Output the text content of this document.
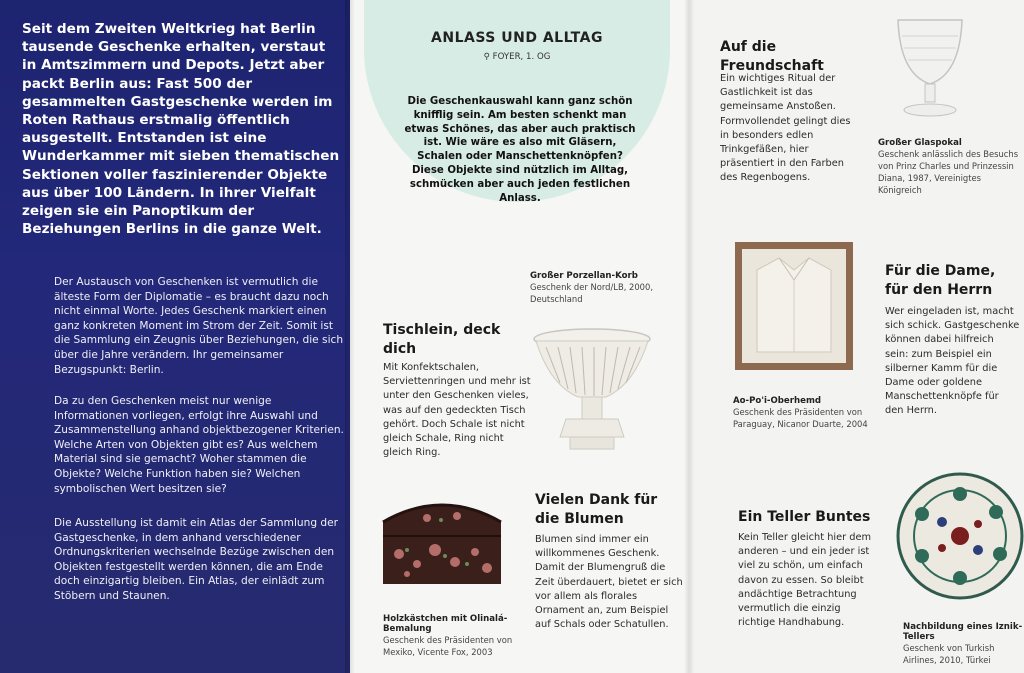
Seit dem Zweiten Weltkrieg hat Berlin tausende Geschenke erhalten, verstaut in Amtszimmern und Depots. Jetzt aber packt Berlin aus: Fast 500 der gesammelten Gastgeschenke werden im Roten Rathaus erstmalig öffentlich ausgestellt. Entstanden ist eine Wunderkammer mit sieben thematischen Sektionen voller faszinierender Objekte aus über 100 Ländern. In ihrer Vielfalt zeigen sie ein Panoptikum der Beziehungen Berlins in die ganze Welt.
Der Austausch von Geschenken ist vermutlich die älteste Form der Diplomatie – es braucht dazu noch nicht einmal Worte. Jedes Geschenk markiert einen ganz konkreten Moment im Strom der Zeit. Somit ist die Sammlung ein Zeugnis über Beziehungen, die sich über die Jahre verändern. Ihr gemeinsamer Bezugspunkt: Berlin.
Da zu den Geschenken meist nur wenige Informationen vorliegen, erfolgt ihre Auswahl und Zusammenstellung anhand objektbezogener Kriterien. Welche Arten von Objekten gibt es? Aus welchem Material sind sie gemacht? Woher stammen die Objekte? Welche Funktion haben sie? Welchen symbolischen Wert besitzen sie?
Die Ausstellung ist damit ein Atlas der Sammlung der Gastgeschenke, in dem anhand verschiedener Ordnungskriterien wechselnde Bezüge zwischen den Objekten festgestellt werden können, die am Ende doch einzigartig bleiben. Ein Atlas, der einlädt zum Stöbern und Staunen.
ANLASS UND ALLTAG
⚲ FOYER, 1. OG
Die Geschenkauswahl kann ganz schön knifflig sein. Am besten schenkt man etwas Schönes, das aber auch praktisch ist. Wie wäre es also mit Gläsern, Schalen oder Manschettenknöpfen? Diese Objekte sind nützlich im Alltag, schmücken aber auch jeden festlichen Anlass.
Großer Porzellan-Korb
Geschenk der Nord/LB, 2000, Deutschland
Tischlein, deck dich
Mit Konfektschalen, Serviettenringen und mehr ist unter den Geschenken vieles, was auf den gedeckten Tisch gehört. Doch Schale ist nicht gleich Schale, Ring nicht gleich Ring.
Holzkästchen mit Olinalá-Bemalung
Geschenk des Präsidenten von Mexiko, Vicente Fox, 2003
Vielen Dank für die Blumen
Blumen sind immer ein willkommenes Geschenk. Damit der Blumengruß die Zeit überdauert, bietet er sich vor allem als florales Ornament an, zum Beispiel auf Schals oder Schatullen.
Auf die Freundschaft
Ein wichtiges Ritual der Gastlichkeit ist das gemeinsame Anstoßen. Formvollendet gelingt dies in besonders edlen Trinkgefäßen, hier präsentiert in den Farben des Regenbogens.
Großer Glaspokal
Geschenk anlässlich des Besuchs von Prinz Charles und Prinzessin Diana, 1987, Vereinigtes Königreich
Ao-Po'i-Oberhemd
Geschenk des Präsidenten von Paraguay, Nicanor Duarte, 2004
Für die Dame, für den Herrn
Wer eingeladen ist, macht sich schick. Gastgeschenke können dabei hilfreich sein: zum Beispiel ein silberner Kamm für die Dame oder goldene Manschettenknöpfe für den Herrn.
Ein Teller Buntes
Kein Teller gleicht hier dem anderen – und ein jeder ist viel zu schön, um einfach davon zu essen. So bleibt andächtige Betrachtung vermutlich die einzig richtige Handhabung.	Nachbildung eines Iznik-Tellers
Geschenk von Turkish Airlines, 2010, Türkei
